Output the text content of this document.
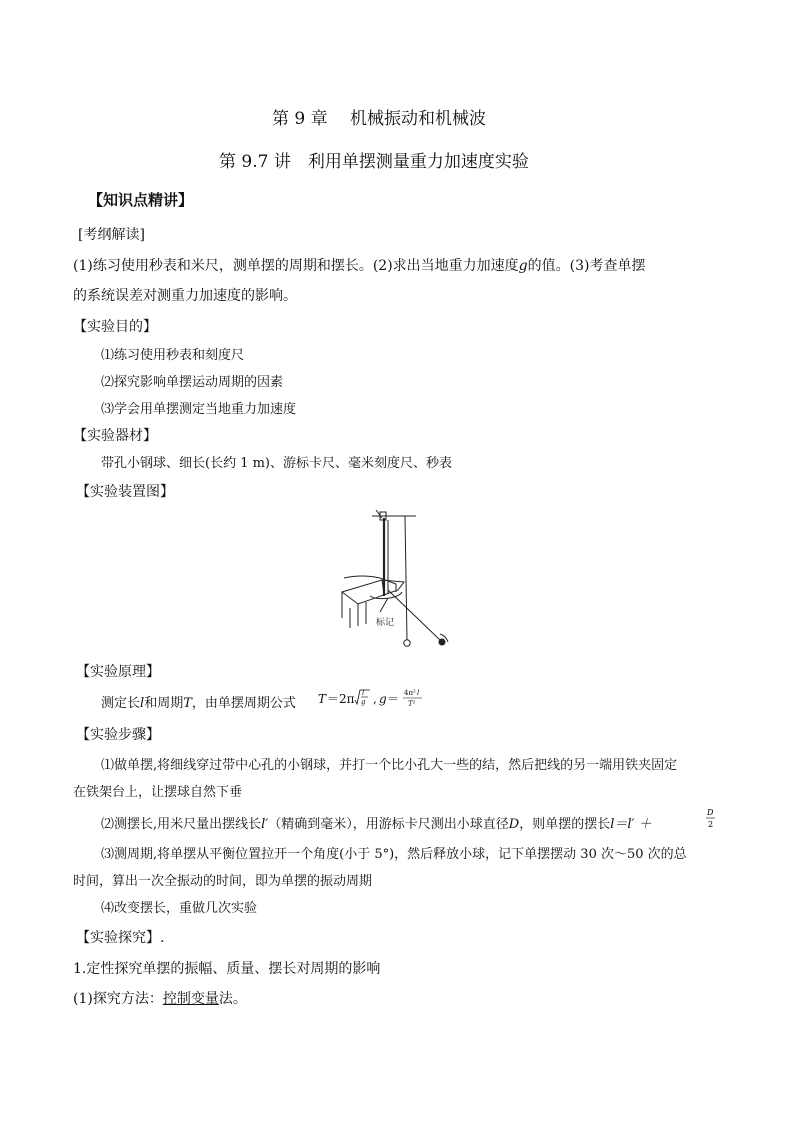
第 9 章　 机械振动和机械波
第 9.7 讲　利用单摆测量重力加速度实验
【知识点精讲】
[考纲解读]
(1)练习使用秒表和米尺，测单摆的周期和摆长。(2)求出当地重力加速度g的值。(3)考查单摆
的系统误差对测重力加速度的影响。
【实验目的】
⑴练习使用秒表和刻度尺
⑵探究影响单摆运动周期的因素
⑶学会用单摆测定当地重力加速度
【实验器材】
带孔小钢球、细长(长约 1 m)、游标卡尺、毫米刻度尺、秒表
【实验装置图】
标记
【实验原理】
测定长l和周期T，由单摆周期公式 T ＝2π l
g , g ＝ 4π² l
T²
【实验步骤】
⑴做单摆,将细线穿过带中心孔的小钢球，并打一个比小孔大一些的结，然后把线的另一端用铁夹固定
在铁架台上，让摆球自然下垂
⑵测摆长,用米尺量出摆线长l′（精确到毫米），用游标卡尺测出小球直径D，则单摆的摆长l＝l′ ＋
D
2
⑶测周期,将单摆从平衡位置拉开一个角度(小于 5°)，然后释放小球，记下单摆摆动 30 次～50 次的总
时间，算出一次全振动的时间，即为单摆的振动周期
⑷改变摆长，重做几次实验
【实验探究】.
1.定性探究单摆的振幅、质量、摆长对周期的影响
(1)探究方法：控制变量法。
